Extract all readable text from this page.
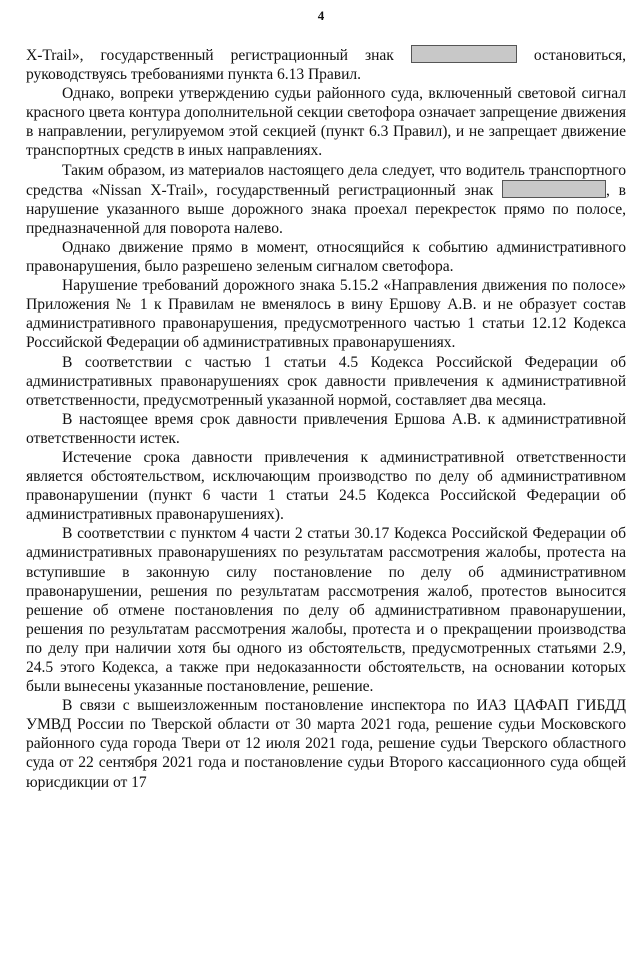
4

X-Trail», государственный регистрационный знак	остановиться, руководствуясь требованиями пункта 6.13 Правил.

Однако, вопреки утверждению судьи районного суда, включенный световой сигнал красного цвета контура дополнительной секции светофора означает запрещение движения в направлении, регулируемом этой секцией (пункт 6.3 Правил), и не запрещает движение транспортных средств в иных направлениях.

Таким образом, из материалов настоящего дела следует, что водитель транспортного средства «Nissan X-Trail», государственный регистрационный знак	, в нарушение указанного выше дорожного знака проехал перекресток прямо по полосе, предназначенной для поворота налево.

Однако движение прямо в момент, относящийся к событию административного правонарушения, было разрешено зеленым сигналом светофора.

Нарушение требований дорожного знака 5.15.2 «Направления движения по полосе» Приложения № 1 к Правилам не вменялось в вину Ершову А.В. и не образует состав административного правонарушения, предусмотренного частью 1 статьи 12.12 Кодекса Российской Федерации об административных правонарушениях.

В соответствии с частью 1 статьи 4.5 Кодекса Российской Федерации об административных правонарушениях срок давности привлечения к административной ответственности, предусмотренный указанной нормой, составляет два месяца.

В настоящее время срок давности привлечения Ершова А.В. к административной ответственности истек.

Истечение срока давности привлечения к административной ответственности является обстоятельством, исключающим производство по делу об административном правонарушении (пункт 6 части 1 статьи 24.5 Кодекса Российской Федерации об административных правонарушениях).

В соответствии с пунктом 4 части 2 статьи 30.17 Кодекса Российской Федерации об административных правонарушениях по результатам рассмотрения жалобы, протеста на вступившие в законную силу постановление по делу об административном правонарушении, решения по результатам рассмотрения жалоб, протестов выносится решение об отмене постановления по делу об административном правонарушении, решения по результатам рассмотрения жалобы, протеста и о прекращении производства по делу при наличии хотя бы одного из обстоятельств, предусмотренных статьями 2.9, 24.5 этого Кодекса, а также при недоказанности обстоятельств, на основании которых были вынесены указанные постановление, решение.

В связи с вышеизложенным постановление инспектора по ИАЗ ЦАФАП ГИБДД УМВД России по Тверской области от 30 марта 2021 года, решение судьи Московского районного суда города Твери от 12 июля 2021 года, решение судьи Тверского областного суда от 22 сентября 2021 года и постановление судьи Второго кассационного суда общей юрисдикции от 17
